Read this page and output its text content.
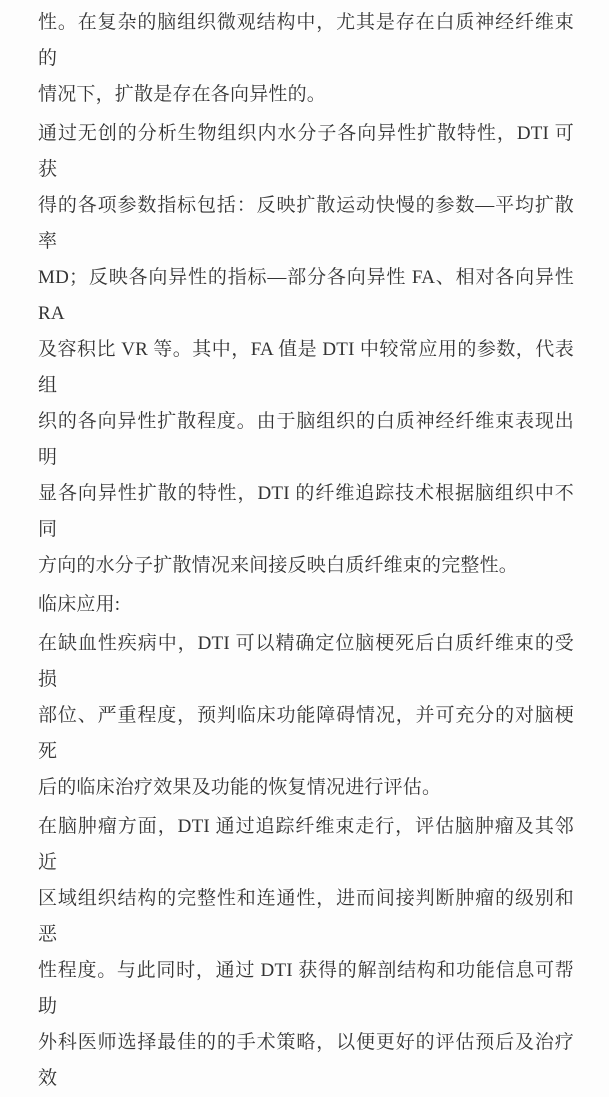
性。在复杂的脑组织微观结构中，尤其是存在白质神经纤维束的
情况下，扩散是存在各向异性的。
通过无创的分析生物组织内水分子各向异性扩散特性，DTI 可获
得的各项参数指标包括：反映扩散运动快慢的参数—平均扩散率
MD；反映各向异性的指标—部分各向异性 FA、相对各向异性 RA
及容积比 VR 等。其中，FA 值是 DTI 中较常应用的参数，代表组
织的各向异性扩散程度。由于脑组织的白质神经纤维束表现出明
显各向异性扩散的特性，DTI 的纤维追踪技术根据脑组织中不同
方向的水分子扩散情况来间接反映白质纤维束的完整性。
临床应用:
在缺血性疾病中，DTI 可以精确定位脑梗死后白质纤维束的受损
部位、严重程度，预判临床功能障碍情况，并可充分的对脑梗死
后的临床治疗效果及功能的恢复情况进行评估。
在脑肿瘤方面，DTI 通过追踪纤维束走行，评估脑肿瘤及其邻近
区域组织结构的完整性和连通性，进而间接判断肿瘤的级别和恶
性程度。与此同时，通过 DTI 获得的解剖结构和功能信息可帮助
外科医师选择最佳的的手术策略，以便更好的评估预后及治疗效
